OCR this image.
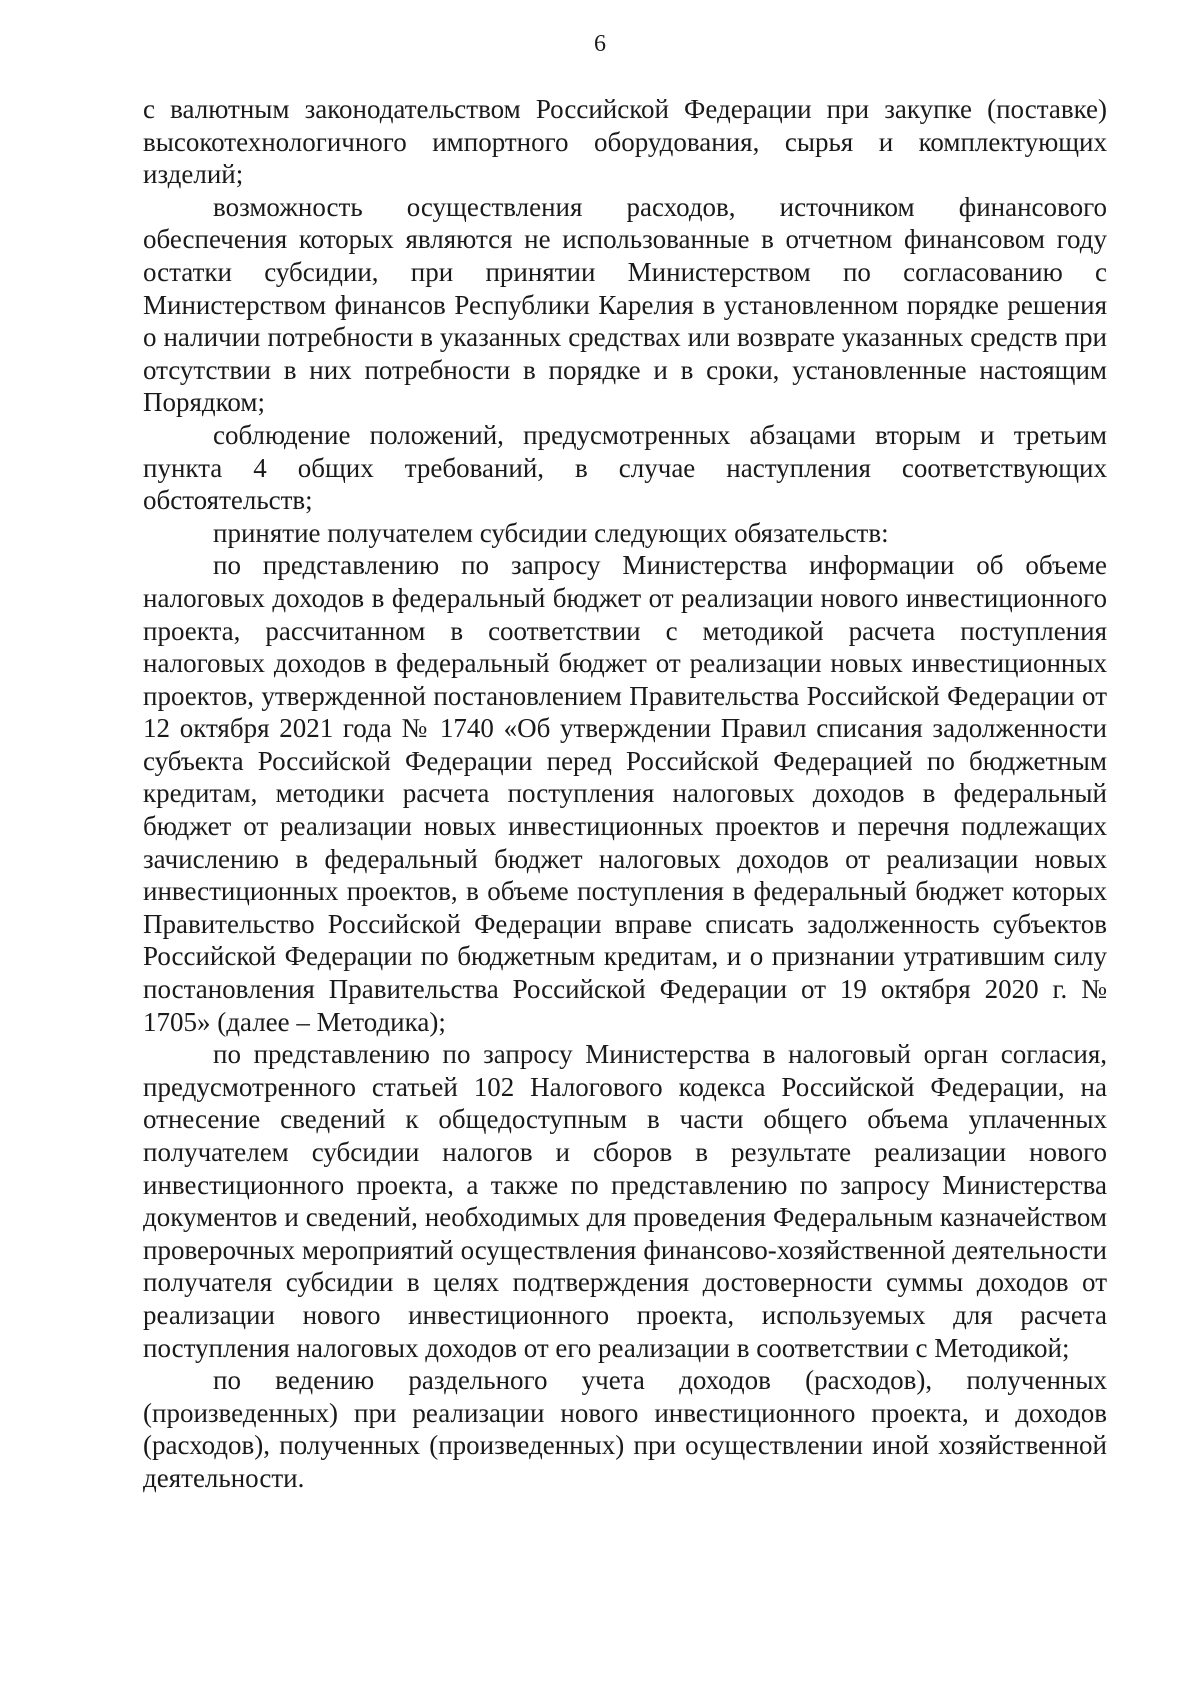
6

с валютным законодательством Российской Федерации при закупке (поставке) высокотехнологичного импортного оборудования, сырья и комплектующих изделий;

возможность осуществления расходов, источником финансового обеспечения которых являются не использованные в отчетном финансовом году остатки субсидии, при принятии Министерством по согласованию с Министерством финансов Республики Карелия в установленном порядке решения о наличии потребности в указанных средствах или возврате указанных средств при отсутствии в них потребности в порядке и в сроки, установленные настоящим Порядком;

соблюдение положений, предусмотренных абзацами вторым и третьим пункта 4 общих требований, в случае наступления соответствующих обстоятельств;

принятие получателем субсидии следующих обязательств:

по представлению по запросу Министерства информации об объеме налоговых доходов в федеральный бюджет от реализации нового инвестиционного проекта, рассчитанном в соответствии с методикой расчета поступления налоговых доходов в федеральный бюджет от реализации новых инвестиционных проектов, утвержденной постановлением Правительства Российской Федерации от 12 октября 2021 года № 1740 «Об утверждении Правил списания задолженности субъекта Российской Федерации перед Российской Федерацией по бюджетным кредитам, методики расчета поступления налоговых доходов в федеральный бюджет от реализации новых инвестиционных проектов и перечня подлежащих зачислению в федеральный бюджет налоговых доходов от реализации новых инвестиционных проектов, в объеме поступления в федеральный бюджет которых Правительство Российской Федерации вправе списать задолженность субъектов Российской Федерации по бюджетным кредитам, и о признании утратившим силу постановления Правительства Российской Федерации от 19 октября 2020 г. № 1705» (далее – Методика);

по представлению по запросу Министерства в налоговый орган согласия, предусмотренного статьей 102 Налогового кодекса Российской Федерации, на отнесение сведений к общедоступным в части общего объема уплаченных получателем субсидии налогов и сборов в результате реализации нового инвестиционного проекта, а также по представлению по запросу Министерства документов и сведений, необходимых для проведения Федеральным казначейством проверочных мероприятий осуществления финансово-хозяйственной деятельности получателя субсидии в целях подтверждения достоверности суммы доходов от реализации нового инвестиционного проекта, используемых для расчета поступления налоговых доходов от его реализации в соответствии с Методикой;

по ведению раздельного учета доходов (расходов), полученных (произведенных) при реализации нового инвестиционного проекта, и доходов (расходов), полученных (произведенных) при осуществлении иной хозяйственной деятельности.
